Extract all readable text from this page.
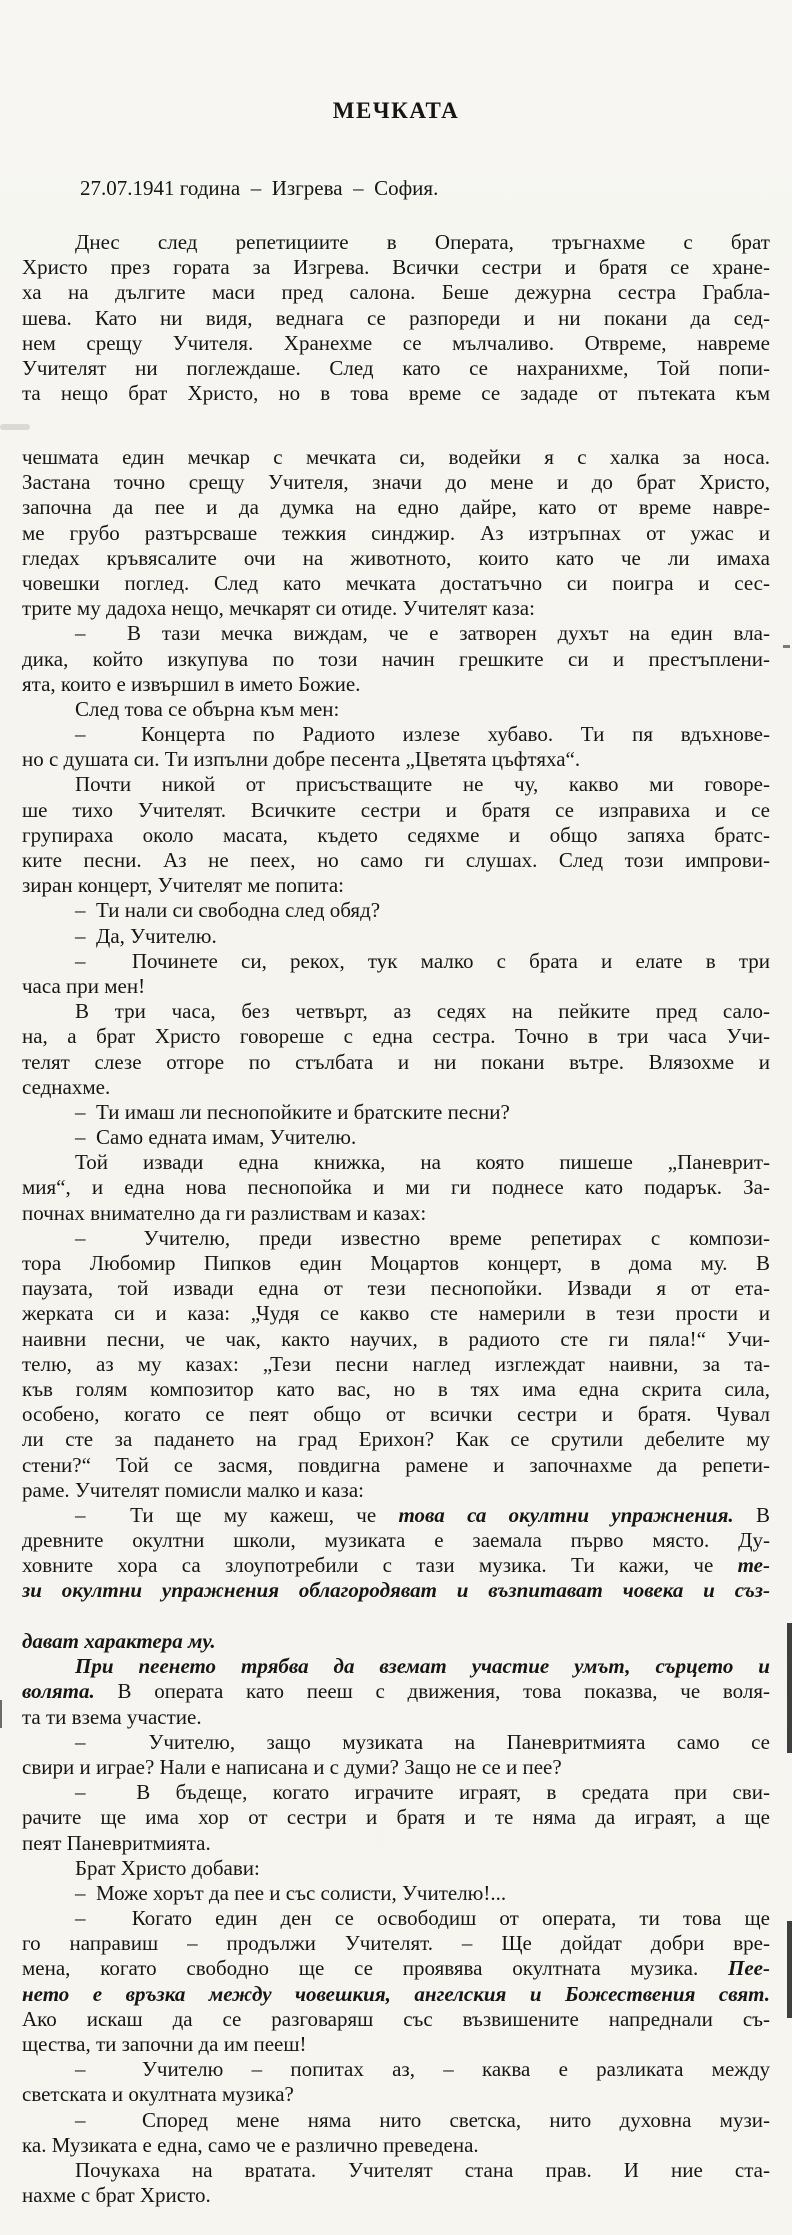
МЕЧКАТА

27.07.1941 година  –  Изгрева  –  София.

Днес след репетициите в Операта, тръгнахме с брат
Христо през гората за Изгрева. Всички сестри и братя се хране-
ха на дългите маси пред салона. Беше дежурна сестра Грабла-
шева. Като ни видя, веднага се разпореди и ни покани да сед-
нем срещу Учителя. Хранехме се мълчаливо. Отвреме, навреме
Учителят ни поглеждаше. След като се нахранихме, Той попи-
та нещо брат Христо, но в това време се зададе от пътеката към
чешмата един мечкар с мечката си, водейки я с халка за носа.
Застана точно срещу Учителя, значи до мене и до брат Христо,
започна да пее и да думка на едно дайре, като от време навре-
ме грубо разтърсваше тежкия синджир. Аз изтръпнах от ужас и
гледах кръвясалите очи на животното, които като че ли имаха
човешки поглед. След като мечката достатъчно си поигра и сес-
трите му дадоха нещо, мечкарят си отиде. Учителят каза:
–  В тази мечка виждам, че е затворен духът на един вла-
дика, който изкупува по този начин грешките си и престъплени-
ята, които е извършил в името Божие.
След това се обърна към мен:
–  Концерта по Радиото излезе хубаво. Ти пя вдъхнове-
но с душата си. Ти изпълни добре песента „Цветята цъфтяха“.
Почти никой от присъстващите не чу, какво ми говоре-
ше тихо Учителят. Всичките сестри и братя се изправиха и се
групираха около масата, където седяхме и общо запяха братс-
ките песни. Аз не пеех, но само ги слушах. След този импрови-
зиран концерт, Учителят ме попита:
–  Ти нали си свободна след обяд?
–  Да, Учителю.
–  Починете си, рекох, тук малко с брата и елате в три
часа при мен!
В три часа, без четвърт, аз седях на пейките пред сало-
на, а брат Христо говореше с една сестра. Точно в три часа Учи-
телят слезе отгоре по стълбата и ни покани вътре. Влязохме и
седнахме.
–  Ти имаш ли песнопойките и братските песни?
–  Само едната имам, Учителю.
Той извади една книжка, на която пишеше „Паневрит-
мия“, и една нова песнопойка и ми ги поднесе като подарък. За-
почнах внимателно да ги разлиствам и казах:
–  Учителю, преди известно време репетирах с компози-
тора Любомир Пипков един Моцартов концерт, в дома му. В
паузата, той извади една от тези песнопойки. Извади я от ета-
жерката си и каза: „Чудя се какво сте намерили в тези прости и
наивни песни, че чак, както научих, в радиото сте ги пяла!“ Учи-
телю, аз му казах: „Тези песни наглед изглеждат наивни, за та-
къв голям композитор като вас, но в тях има една скрита сила,
особено, когато се пеят общо от всички сестри и братя. Чувал
ли сте за падането на град Ерихон? Как се срутили дебелите му
стени?“ Той се засмя, повдигна рамене и започнахме да репети-
раме. Учителят помисли малко и каза:
–  Ти ще му кажеш, че това са окултни упражнения. В
древните окултни школи, музиката е заемала първо място. Ду-
ховните хора са злоупотребили с тази музика. Ти кажи, че те-
зи окултни упражнения облагородяват и възпитават човека и съз-
дават характера му.
При пеенето трябва да вземат участие умът, сърцето и
волята. В операта като пееш с движения, това показва, че воля-
та ти взема участие.
–  Учителю, защо музиката на Паневритмията само се
свири и играе? Нали е написана и с думи? Защо не се и пее?
–  В бъдеще, когато играчите играят, в средата при сви-
рачите ще има хор от сестри и братя и те няма да играят, а ще
пеят Паневритмията.
Брат Христо добави:
–  Може хорът да пее и със солисти, Учителю!...
–  Когато един ден се освободиш от операта, ти това ще
го направиш – продължи Учителят. – Ще дойдат добри вре-
мена, когато свободно ще се проявява окултната музика. Пее-
нето е връзка между човешкия, ангелския и Божествения свят.
Ако искаш да се разговаряш със възвишените напреднали съ-
щества, ти започни да им пееш!
–  Учителю – попитах аз, – каква е разликата между
светската и окултната музика?
–  Според мене няма нито светска, нито духовна музи-
ка. Музиката е една, само че е различно преведена.
Почукаха на вратата. Учителят стана прав. И ние ста-
нахме с брат Христо.
